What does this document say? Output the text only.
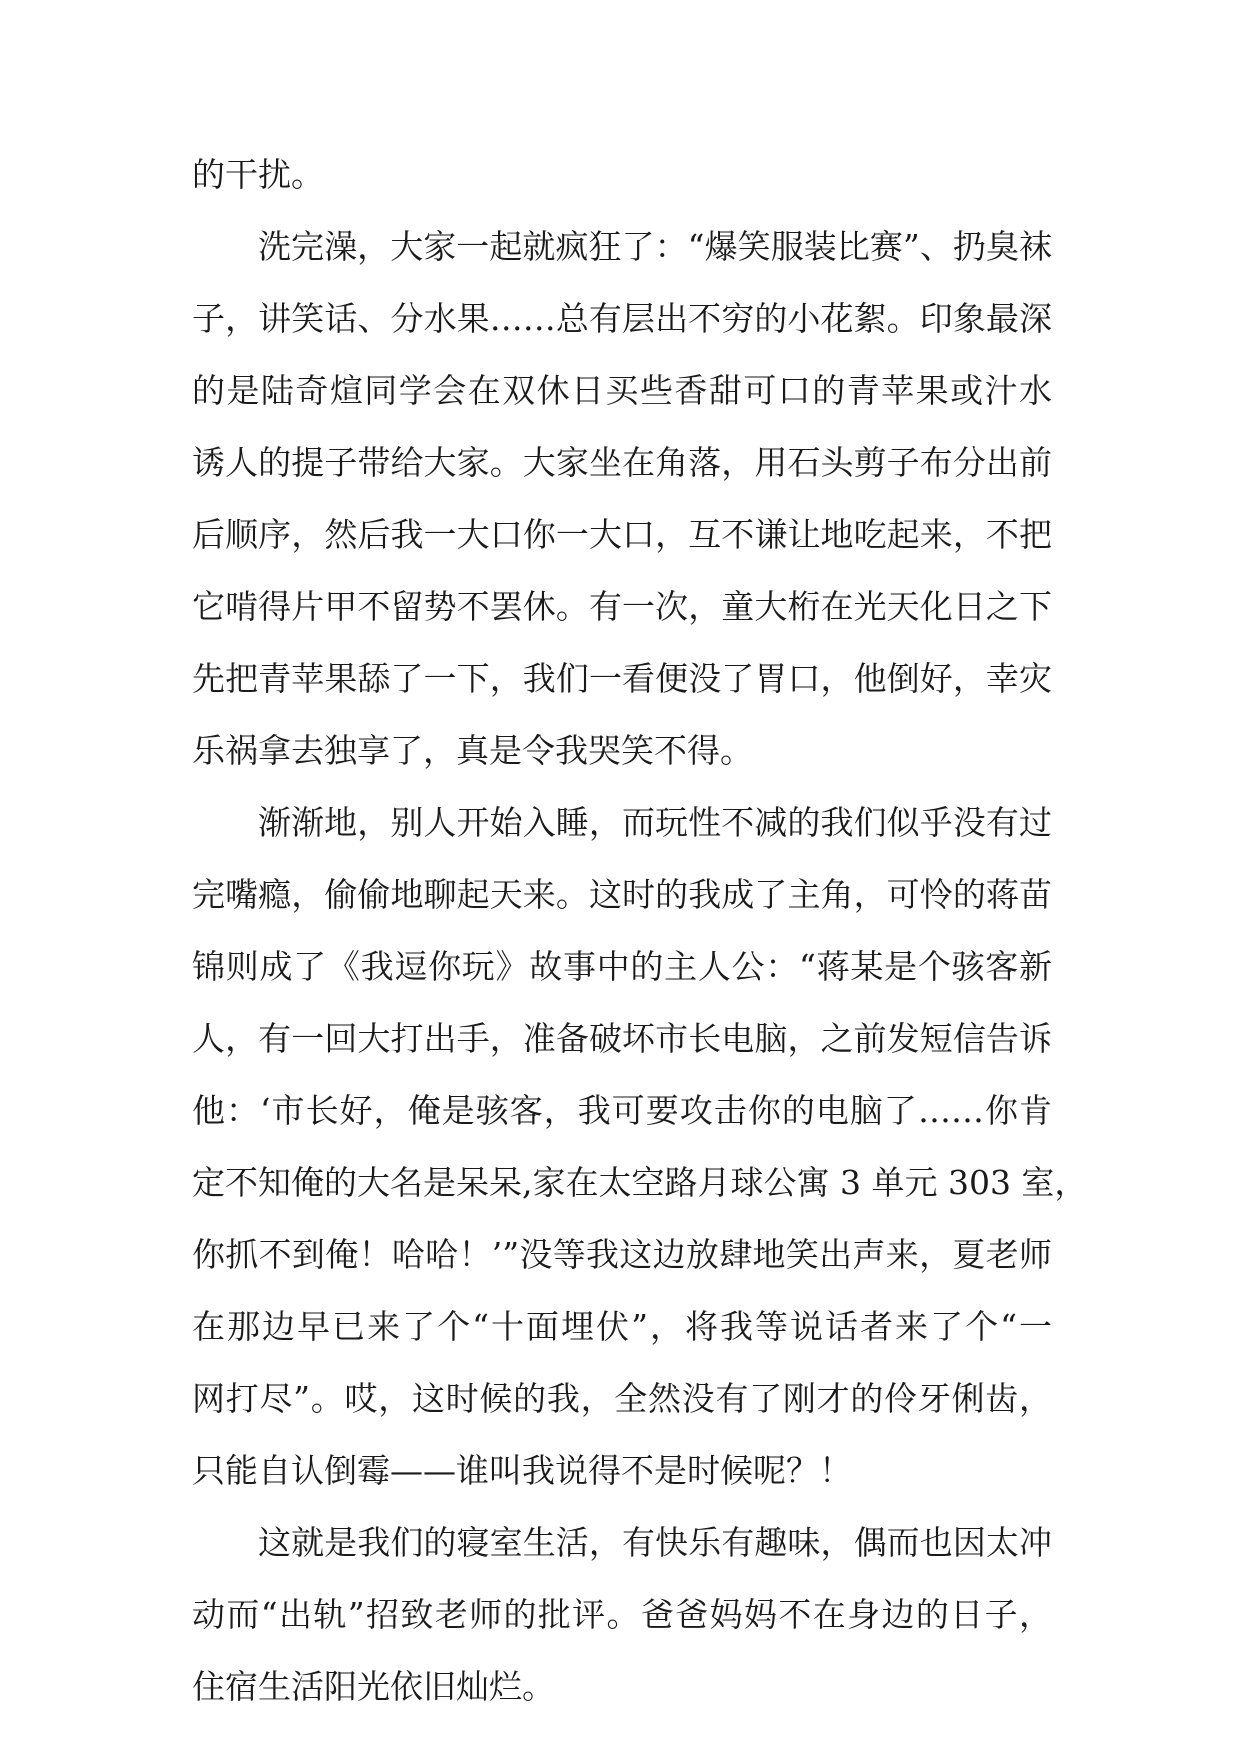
的干扰。
洗完澡，大家一起就疯狂了：“爆笑服装比赛”、扔臭袜
子，讲笑话、分水果……总有层出不穷的小花絮。印象最深
的是陆奇煊同学会在双休日买些香甜可口的青苹果或汁水
诱人的提子带给大家。大家坐在角落，用石头剪子布分出前
后顺序，然后我一大口你一大口，互不谦让地吃起来，不把
它啃得片甲不留势不罢休。有一次，童大桁在光天化日之下
先把青苹果舔了一下，我们一看便没了胃口，他倒好，幸灾
乐祸拿去独享了，真是令我哭笑不得。
渐渐地，别人开始入睡，而玩性不减的我们似乎没有过
完嘴瘾，偷偷地聊起天来。这时的我成了主角，可怜的蒋苗
锦则成了《我逗你玩》故事中的主人公：“蒋某是个骇客新
人，有一回大打出手，准备破坏市长电脑，之前发短信告诉
他：‘市长好，俺是骇客，我可要攻击你的电脑了……你肯
定不知俺的大名是呆呆,家在太空路月球公寓 3 单元 303 室，
你抓不到俺！哈哈！’”没等我这边放肆地笑出声来，夏老师
在那边早已来了个“十面埋伏”，将我等说话者来了个“一
网打尽”。哎，这时候的我，全然没有了刚才的伶牙俐齿，
只能自认倒霉——谁叫我说得不是时候呢？！
这就是我们的寝室生活，有快乐有趣味，偶而也因太冲
动而“出轨”招致老师的批评。爸爸妈妈不在身边的日子，
住宿生活阳光依旧灿烂。
